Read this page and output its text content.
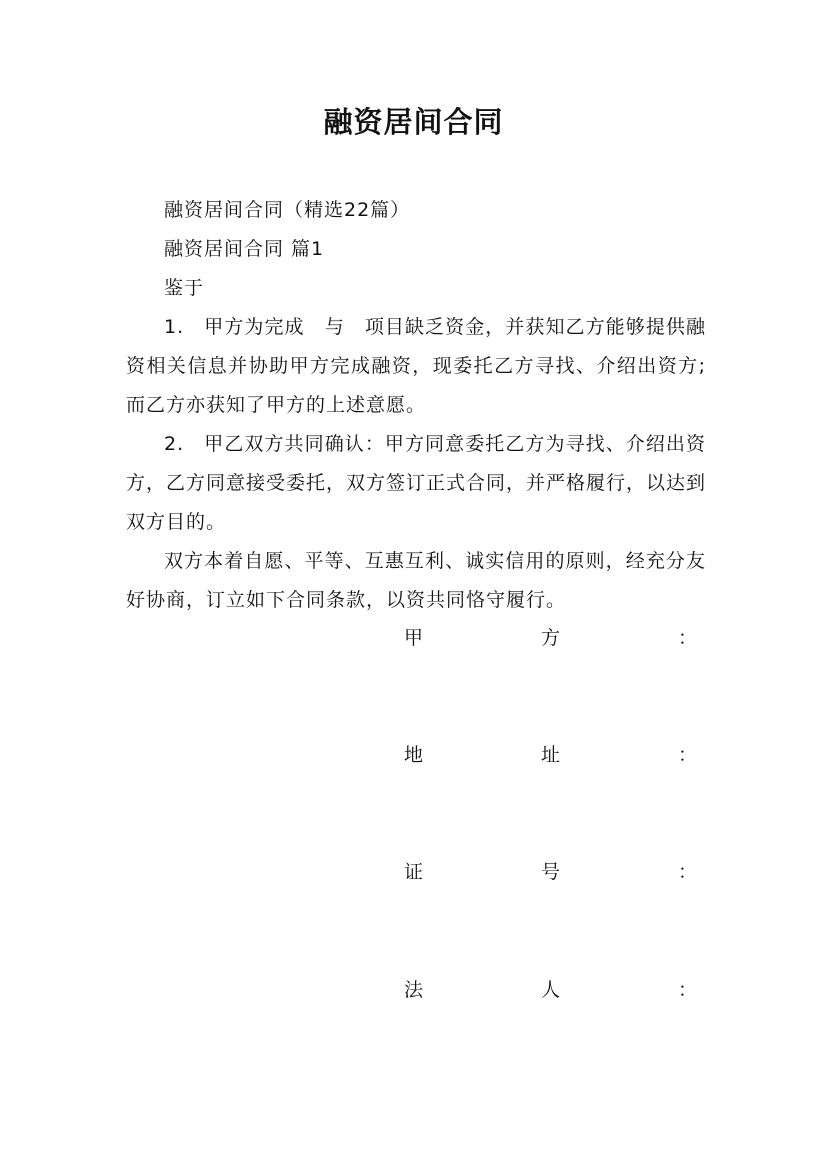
融资居间合同

融资居间合同（精选22篇）

融资居间合同 篇1

鉴于

1.　甲方为完成　与　项目缺乏资金，并获知乙方能够提供融资相关信息并协助甲方完成融资，现委托乙方寻找、介绍出资方;而乙方亦获知了甲方的上述意愿。

2.　甲乙双方共同确认：甲方同意委托乙方为寻找、介绍出资方，乙方同意接受委托，双方签订正式合同，并严格履行，以达到双方目的。

双方本着自愿、平等、互惠互利、诚实信用的原则，经充分友好协商，订立如下合同条款，以资共同恪守履行。

甲	方	：
地	址	：
证	号	：
法	人	：
